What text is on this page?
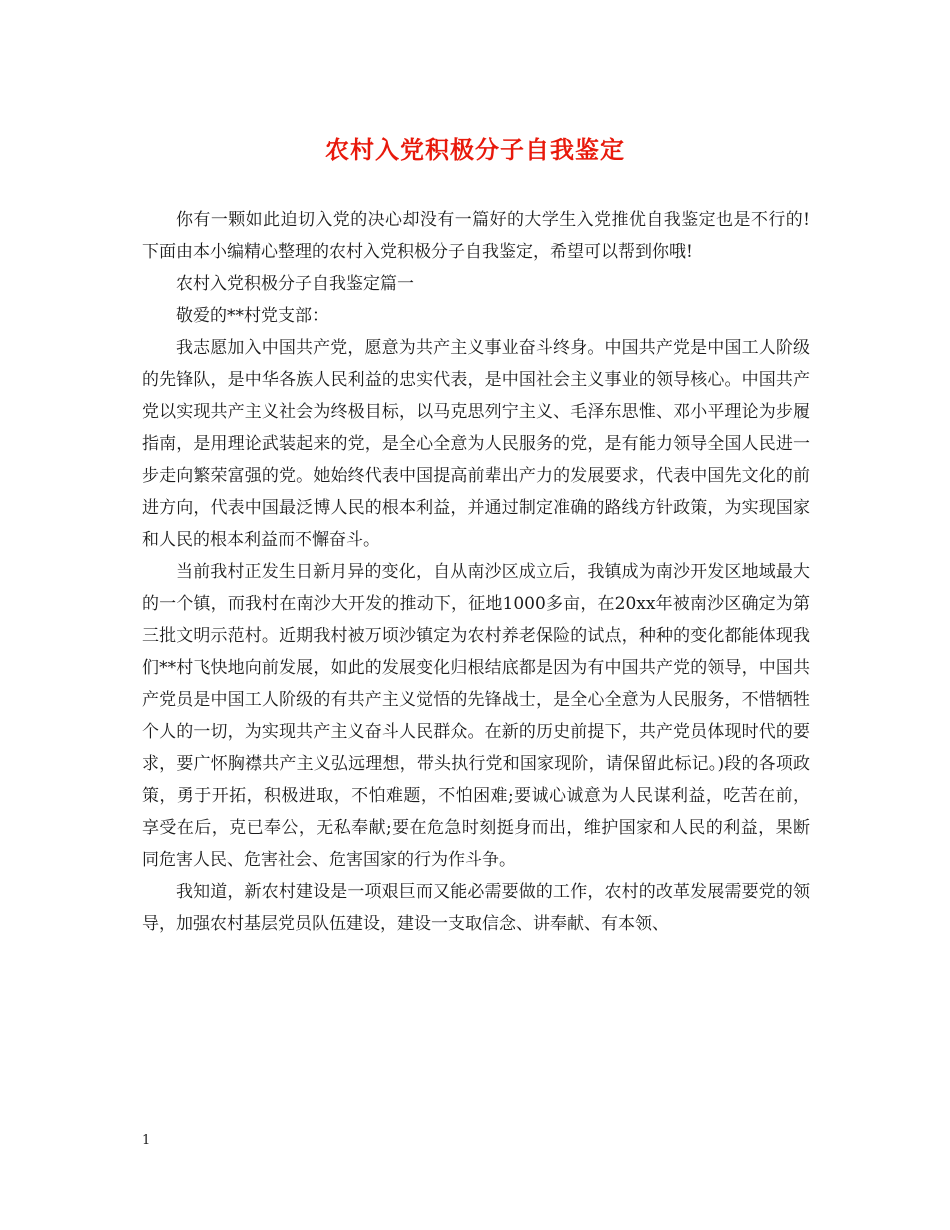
农村入党积极分子自我鉴定

你有一颗如此迫切入党的决心却没有一篇好的大学生入党推优自我鉴定也是不行的!下面由本小编精心整理的农村入党积极分子自我鉴定，希望可以帮到你哦!

农村入党积极分子自我鉴定篇一

敬爱的**村党支部：

我志愿加入中国共产党，愿意为共产主义事业奋斗终身。中国共产党是中国工人阶级的先锋队，是中华各族人民利益的忠实代表，是中国社会主义事业的领导核心。中国共产党以实现共产主义社会为终极目标，以马克思列宁主义、毛泽东思惟、邓小平理论为步履指南，是用理论武装起来的党，是全心全意为人民服务的党，是有能力领导全国人民进一步走向繁荣富强的党。她始终代表中国提高前辈出产力的发展要求，代表中国先文化的前进方向，代表中国最泛博人民的根本利益，并通过制定准确的路线方针政策，为实现国家和人民的根本利益而不懈奋斗。

当前我村正发生日新月异的变化，自从南沙区成立后，我镇成为南沙开发区地域最大的一个镇，而我村在南沙大开发的推动下，征地1000多亩，在20xx年被南沙区确定为第三批文明示范村。近期我村被万顷沙镇定为农村养老保险的试点，种种的变化都能体现我们**村飞快地向前发展，如此的发展变化归根结底都是因为有中国共产党的领导，中国共产党员是中国工人阶级的有共产主义觉悟的先锋战士，是全心全意为人民服务，不惜牺牲个人的一切，为实现共产主义奋斗人民群众。在新的历史前提下，共产党员体现时代的要求，要广怀胸襟共产主义弘远理想，带头执行党和国家现阶，请保留此标记。)段的各项政策，勇于开拓，积极进取，不怕难题，不怕困难;要诚心诚意为人民谋利益，吃苦在前，享受在后，克已奉公，无私奉献;要在危急时刻挺身而出，维护国家和人民的利益，果断同危害人民、危害社会、危害国家的行为作斗争。

我知道，新农村建设是一项艰巨而又能必需要做的工作，农村的改革发展需要党的领导，加强农村基层党员队伍建设，建设一支取信念、讲奉献、有本领、

1
